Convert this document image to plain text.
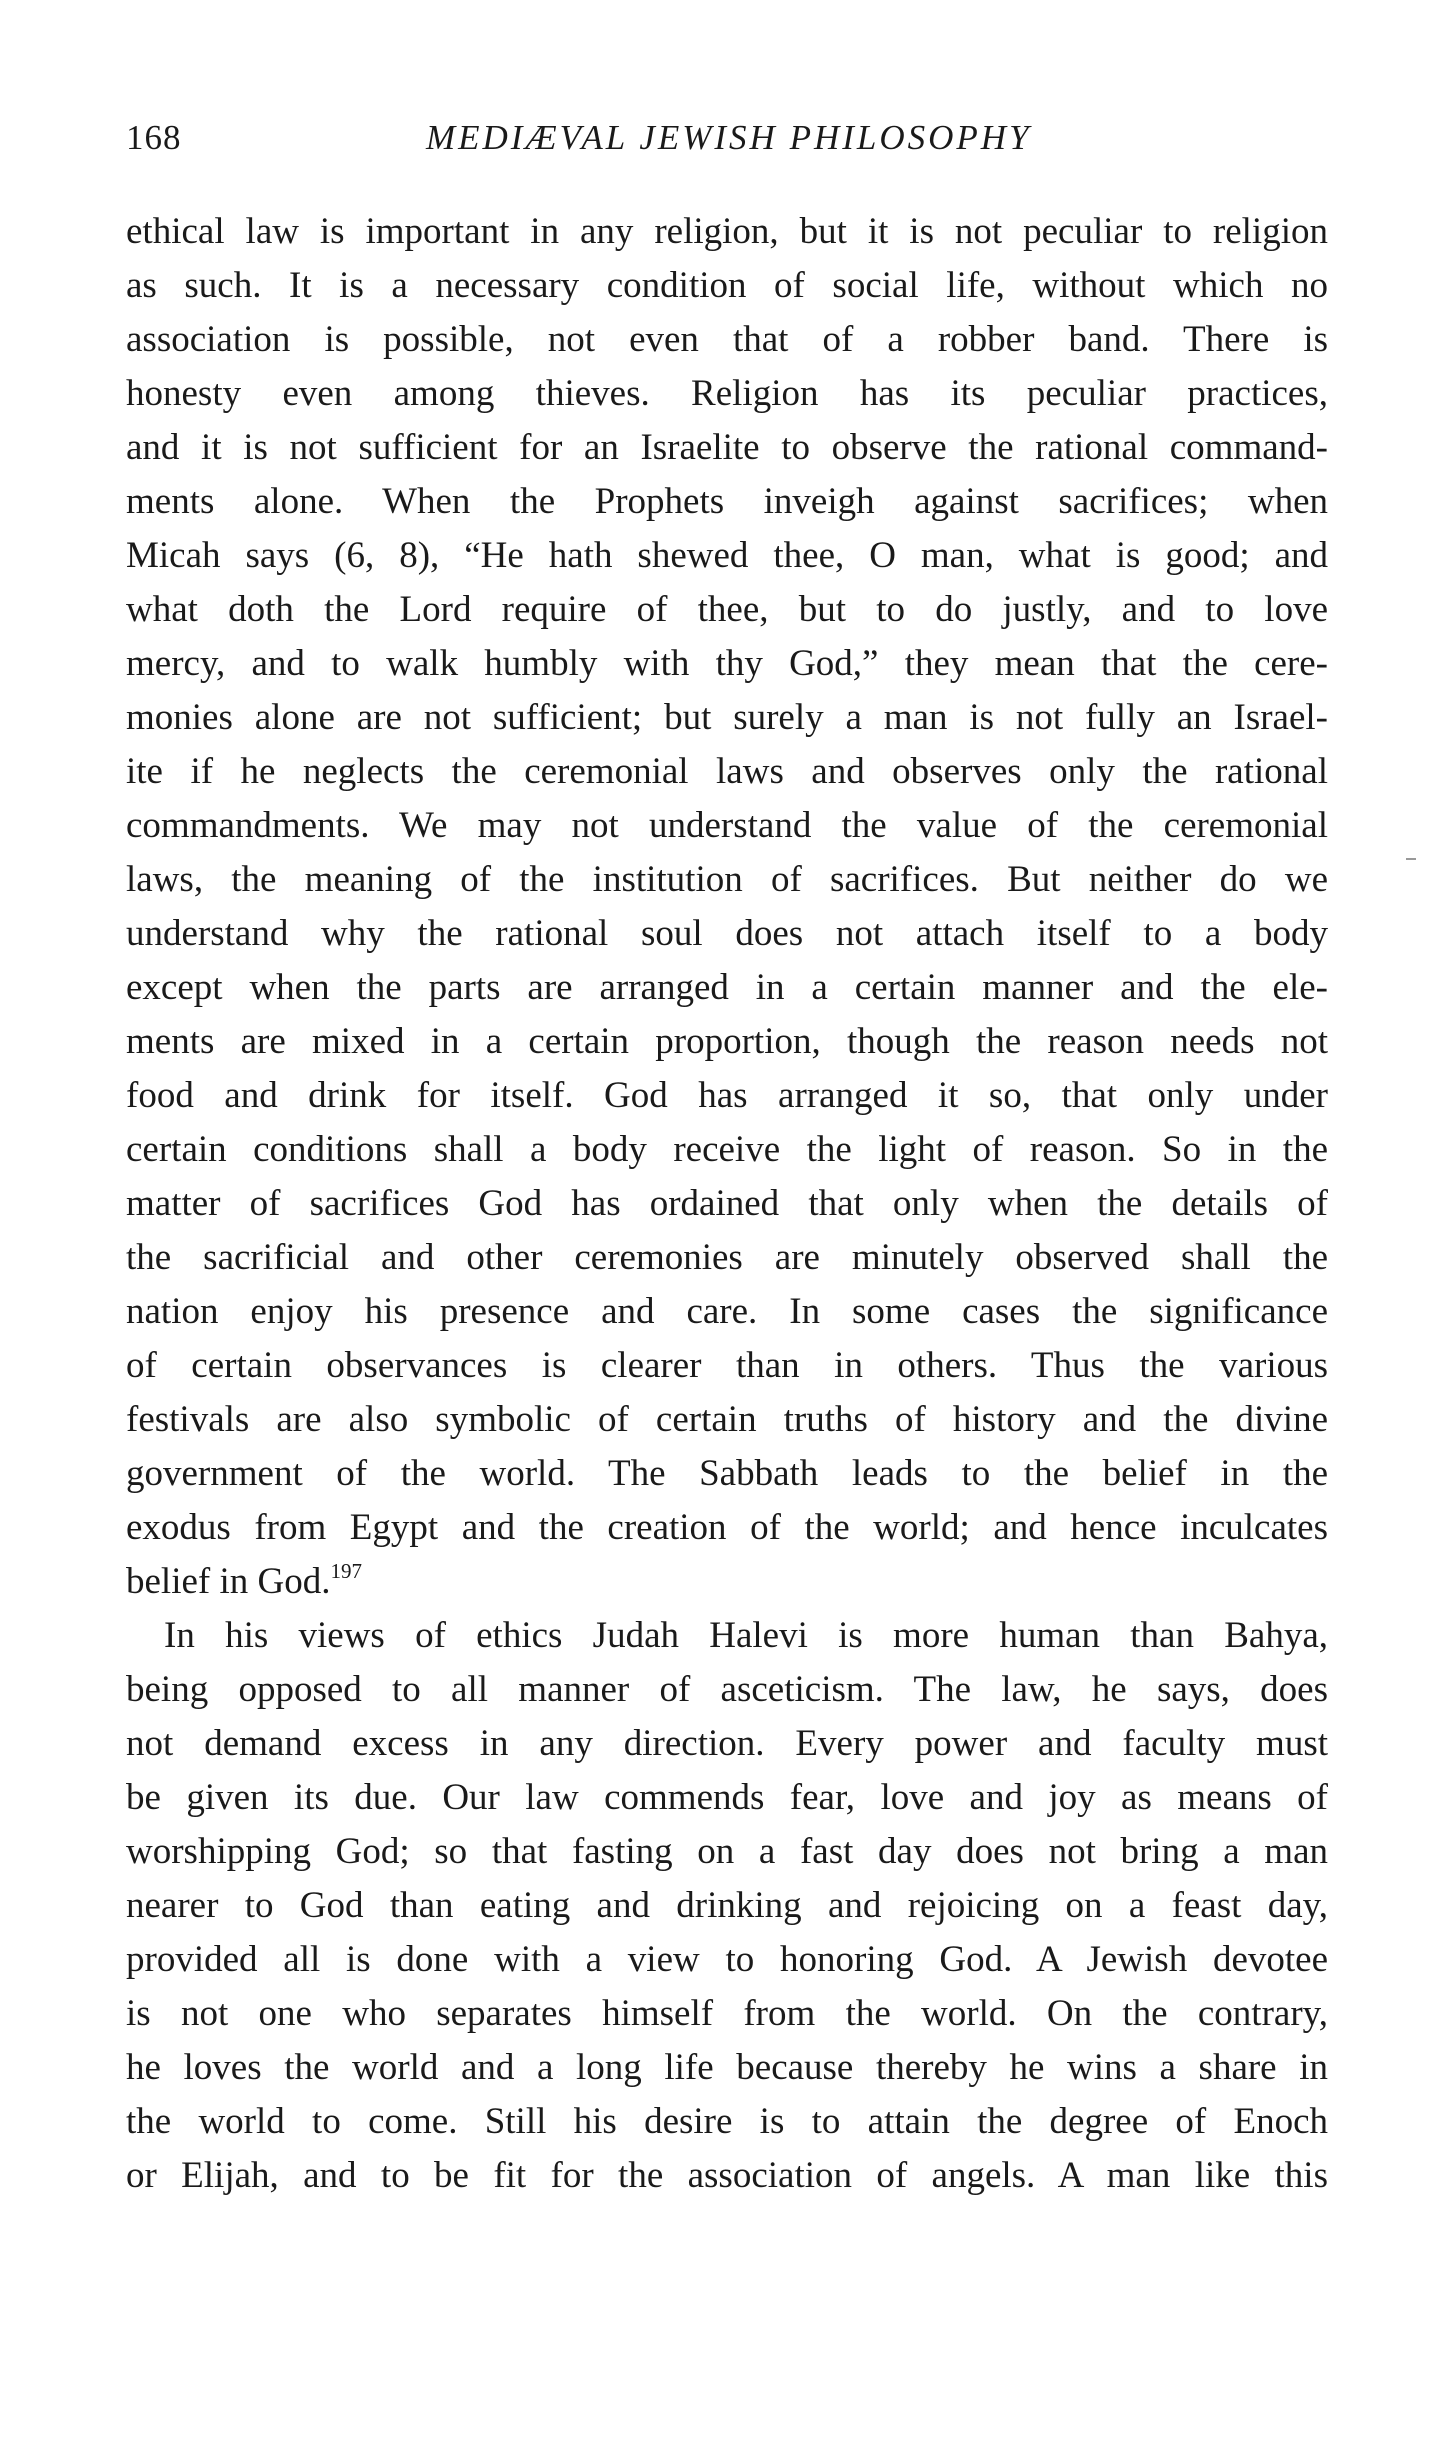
168	MEDIÆVAL JEWISH PHILOSOPHY
ethical law is important in any religion, but it is not peculiar to religion
as such. It is a necessary condition of social life, without which no
association is possible, not even that of a robber band. There is
honesty even among thieves. Religion has its peculiar practices,
and it is not sufficient for an Israelite to observe the rational command-
ments alone. When the Prophets inveigh against sacrifices; when
Micah says (6, 8), “He hath shewed thee, O man, what is good; and
what doth the Lord require of thee, but to do justly, and to love
mercy, and to walk humbly with thy God,” they mean that the cere-
monies alone are not sufficient; but surely a man is not fully an Israel-
ite if he neglects the ceremonial laws and observes only the rational
commandments. We may not understand the value of the ceremonial
laws, the meaning of the institution of sacrifices. But neither do we
understand why the rational soul does not attach itself to a body
except when the parts are arranged in a certain manner and the ele-
ments are mixed in a certain proportion, though the reason needs not
food and drink for itself. God has arranged it so, that only under
certain conditions shall a body receive the light of reason. So in the
matter of sacrifices God has ordained that only when the details of
the sacrificial and other ceremonies are minutely observed shall the
nation enjoy his presence and care. In some cases the significance
of certain observances is clearer than in others. Thus the various
festivals are also symbolic of certain truths of history and the divine
government of the world. The Sabbath leads to the belief in the
exodus from Egypt and the creation of the world; and hence inculcates
belief in God.$^{197}$
In his views of ethics Judah Halevi is more human than Bahya,
being opposed to all manner of asceticism. The law, he says, does
not demand excess in any direction. Every power and faculty must
be given its due. Our law commends fear, love and joy as means of
worshipping God; so that fasting on a fast day does not bring a man
nearer to God than eating and drinking and rejoicing on a feast day,
provided all is done with a view to honoring God. A Jewish devotee
is not one who separates himself from the world. On the contrary,
he loves the world and a long life because thereby he wins a share in
the world to come. Still his desire is to attain the degree of Enoch
or Elijah, and to be fit for the association of angels. A man like this
